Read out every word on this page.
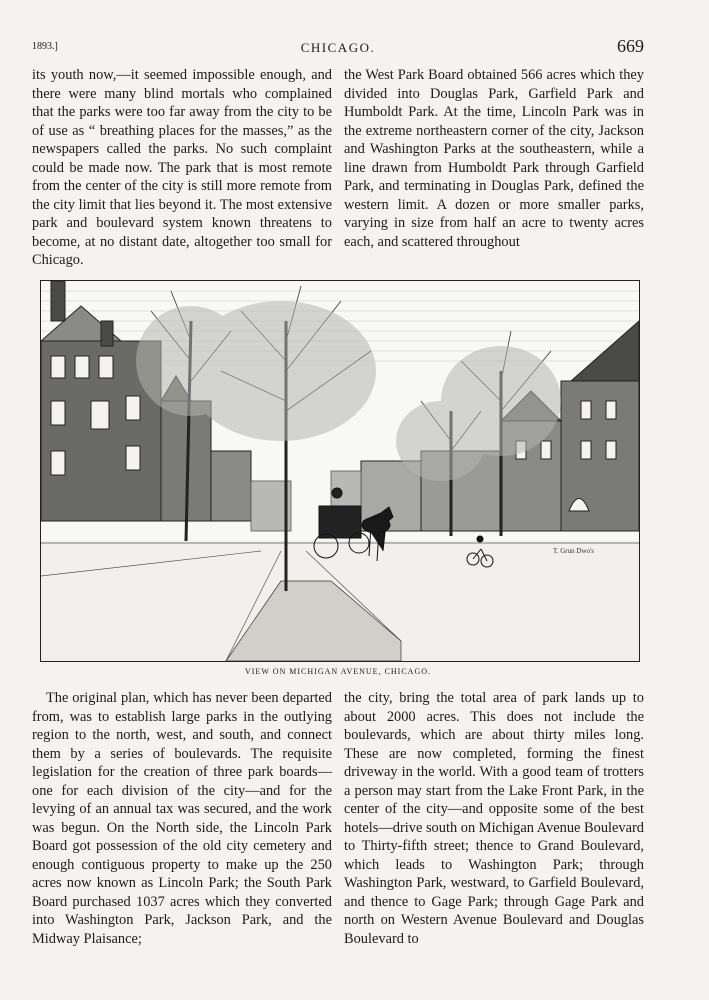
1893.]	CHICAGO.	669

its youth now,—it seemed impossible enough, and there were many blind mortals who complained that the parks were too far away from the city to be of use as “ breathing places for the masses,” as the newspapers called the parks. No such complaint could be made now. The park that is most remote from the center of the city is still more remote from the city limit that lies beyond it. The most extensive park and boulevard system known threatens to become, at no distant date, altogether too small for Chicago.

the West Park Board obtained 566 acres which they divided into Douglas Park, Garfield Park and Humboldt Park. At the time, Lincoln Park was in the extreme northeastern corner of the city, Jackson and Washington Parks at the southeastern, while a line drawn from Humboldt Park through Garfield Park, and terminating in Douglas Park, defined the western limit. A dozen or more smaller parks, varying in size from half an acre to twenty acres each, and scattered throughout

T. Grun Dwo's
VIEW ON MICHIGAN AVENUE, CHICAGO.

The original plan, which has never been departed from, was to establish large parks in the outlying region to the north, west, and south, and connect them by a series of boulevards. The requisite legislation for the creation of three park boards—one for each division of the city—and for the levying of an annual tax was secured, and the work was begun. On the North side, the Lincoln Park Board got possession of the old city cemetery and enough contiguous property to make up the 250 acres now known as Lincoln Park; the South Park Board purchased 1037 acres which they converted into Washington Park, Jackson Park, and the Midway Plaisance;

the city, bring the total area of park lands up to about 2000 acres. This does not include the boulevards, which are about thirty miles long. These are now completed, forming the finest driveway in the world. With a good team of trotters a person may start from the Lake Front Park, in the center of the city—and opposite some of the best hotels—drive south on Michigan Avenue Boulevard to Thirty-fifth street; thence to Grand Boulevard, which leads to Washington Park; through Washington Park, westward, to Garfield Boulevard, and thence to Gage Park; through Gage Park and north on Western Avenue Boulevard and Douglas Boulevard to
